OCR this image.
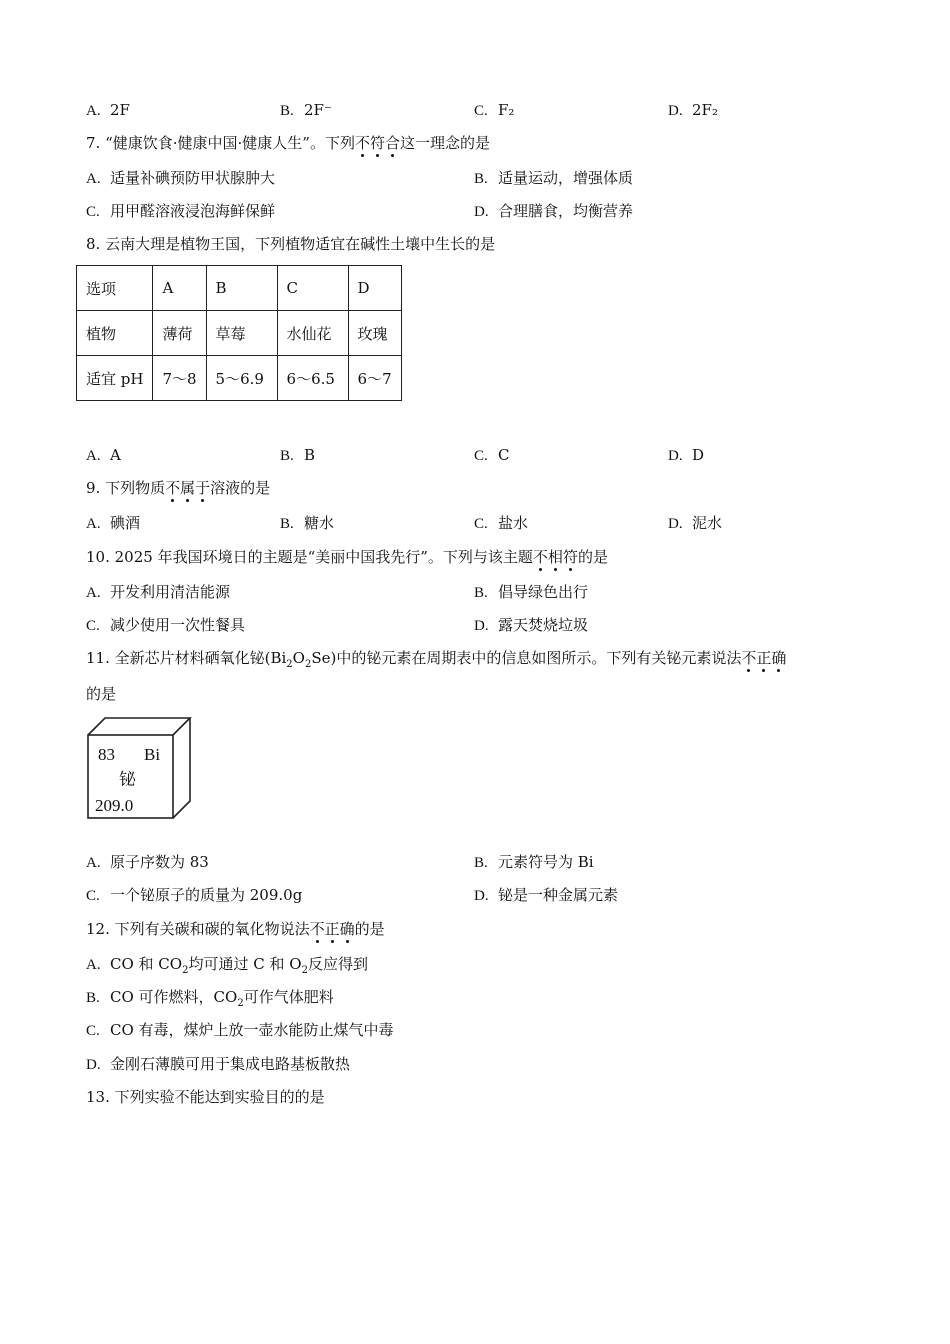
A. 2F	B. 2F⁻	C. F₂	D. 2F₂
7. “健康饮食·健康中国·健康人生”。下列不符合这一理念的是
A. 适量补碘预防甲状腺肿大	B. 适量运动，增强体质
C. 用甲醛溶液浸泡海鲜保鲜	D. 合理膳食，均衡营养
8. 云南大理是植物王国，下列植物适宜在碱性土壤中生长的是
选项	A	B	C	D
植物	薄荷	草莓	水仙花	玫瑰
适宜 pH	7～8	5～6.9	6～6.5	6～7
A. A	B. B	C. C	D. D
9. 下列物质不属于溶液的是
A. 碘酒	B. 糖水	C. 盐水	D. 泥水
10. 2025 年我国环境日的主题是“美丽中国我先行”。下列与该主题不相符的是
A. 开发利用清洁能源	B. 倡导绿色出行
C. 减少使用一次性餐具	D. 露天焚烧垃圾
11. 全新芯片材料硒氧化铋$(Bi_2O_2Se)$中的铋元素在周期表中的信息如图所示。下列有关铋元素说法不正确
的是
83 Bi
铋
209.0
A. 原子序数为 83	B. 元素符号为 Bi
C. 一个铋原子的质量为 209.0g	D. 铋是一种金属元素
12. 下列有关碳和碳的氧化物说法不正确的是
A. CO 和 $CO_2$均可通过 C 和 $O_2$反应得到
B. CO 可作燃料，$CO_2$可作气体肥料
C. CO 有毒，煤炉上放一壶水能防止煤气中毒
D. 金刚石薄膜可用于集成电路基板散热
13. 下列实验不能达到实验目的的是
